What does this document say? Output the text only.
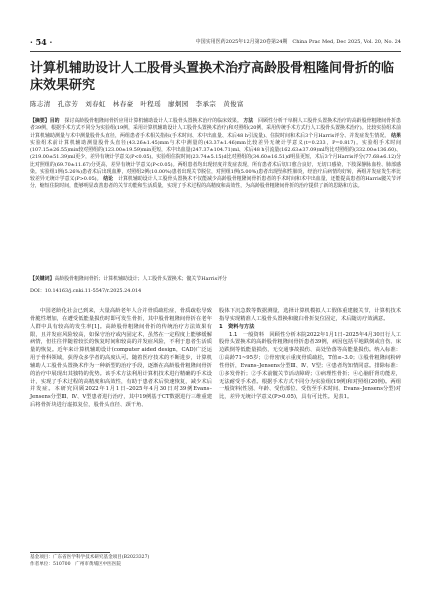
· 54 ·	中国实用医药2025年12月第20卷第24期　China Prac Med, Dec 2025, Vol. 20, No. 24
计算机辅助设计人工股骨头置换术治疗高龄股骨粗隆间骨折的临床效果研究
陈志清　孔彦芳　刘春虹　林春豪　叶程瑶　廖炯园　李承宗　黄俊富

【摘要】目的　 探讨高龄股骨粗隆间骨折应用计算机辅助设计人工股骨头置换术治疗的临床效果。 方法　 回顾性分析干阜桐人工股骨头置换术治疗的高龄股骨粗隆间骨折患者39例，根据手术方式不同分为实验组(19例，采用计算机辅助设计人工股骨头置换术治疗)和对照组(20例，采用传统手术方式行人工股骨头置换术治疗)。比较实验组术前计算机辅助测量与术中测量股骨头直径，两组患者手术相关指标(手术时间、术中出血量、术后48 h引流量)、住院时间和术后3个月Harris评分、并发症发生情况。 结果　实验组术前计算机辅助测量股骨头直径(43.26±1.45)mm与术中测量的(43.37±1.46)mm比较差异无统计学意义(t=0.233，P=0.817)。实验组手术时间(107.15±26.55)min较对照组的(123.00±19.59)min更短，术中出血量(247.37±104.71)ml、术后48 h引流量(162.63±37.09)ml均比对照组的(332.00±136.60)、(219.00±51.39)ml更少，差异有统计学意义(P<0.05)。实验组住院时间(23.74±5.15)d比对照组的(34.60±16.51)d明显更短，术后3个月Harris评分(77.68±6.12)分比对照组的(69.70±11.67)分更高，差异有统计学意义(P<0.05)。两组患者均出现轻度并发症表现，所有患者术后切口愈合良好，无切口感染，下肢深静脉血栓、肺部感染。实验组1例(5.26%)患者术后出现血肿，对照组2例(10.00%)患者出现关节脱位，对照组1例(5.00%)患者出现坠积性肺炎，经治疗后病情均好转，两组并发症发生率比较差异无统计学意义(P>0.05)。 结论　 计算机辅助设计人工股骨头置换术不仅能减少高龄股骨粗隆间骨折患者的手术时间和术中出血量，还能提高患者的Harris髋关节评分，缩短住院时间，能够明显改善患者的关节功能和生活质量，实现了手术过程的高精度和高效性，为高龄股骨粗隆间骨折的治疗提供了新的思路和方法。

【关键词】高龄股骨粗隆间骨折；计算机辅助设计；人工股骨头置换术；髋关节Harris评分
DOI：10.14163/j.cnki.11-5547/r.2025.24.014

中国老龄化社会已到来，大量高龄老年人合并骨质疏松症，骨质疏松导致骨脆性增加，在遭受低能量损伤时即可发生骨折，其中股骨粗隆间骨折在老年人群中具有较高的发生率[1]。高龄股骨粗隆间骨折的传统治疗方法效果有限，且并发症风险较高，如保守治疗或内固定术，虽然在一定程度上能够缓解病情，但往往伴随着较长的恢复时间和较高的并发症风险，不利于患者生活质量的恢复。近年来计算机辅助设计(computer aided design，CAD)广泛运用于骨科领域，获得众多学者的高度认可。随着医疗技术的不断进步，计算机辅助人工股骨头置换术作为一种新型的治疗手段，逐渐在高龄股骨粗隆间骨折的治疗中展现出其独特的优势。该手术方法利用计算机技术进行精确的手术设计，实现了手术过程的高精度和高效性，有助于患者术后快速恢复，减少术后并发症。本研究回顾2022年1月1日–2025年4月30日对39例Evans–Jensens分型Ⅲ、Ⅳ、Ⅴ型患者进行治疗，其中19例基于CT数据进行三维重建后将骨折块进行虚拟复位，股骨头直径、颈干角、

股体下沉急数等数据测量，选择计算机模拟人工假体重建髋关节，计算机技术指导实现精准人工股骨头置换和髋臼骨折复位固定，术后随访疗效满意。

1　资料与方法

1.1　一般资料　 回顾性分析本院2022年1月1日–2025年4月30日行人工股骨头置换术的高龄股骨粗隆间骨折患者39例，病因包括平地跌倒或自伤、床边跌倒等低能量损伤，无交通事故损伤、高处坠落等高能量损伤。纳入标准：①高龄71~95岁；②骨密度示重度骨质疏松，T值≤–3.0；③股骨粗隆间粉碎性骨折，Evans–Jensens分型Ⅲ、Ⅳ、Ⅴ型；④患者均知情同意。排除标准：①多发骨折；②手术前髋关节活动障碍；③病理性骨折；④心脑肝肾功能差，无法耐受手术者。根据手术方式不同分为实验组(19例)和对照组(20例)。两组一般资料(性别、年龄、受伤部位、受伤至手术时间、Evans–Jensens分型)对比，差异无统计学意义(P>0.05)，具有可比性。见表1。

基金项目：广东省医学科学技术研究基金项目(B2023327)
作者单位：510700　广州市黄埔区中医医院
